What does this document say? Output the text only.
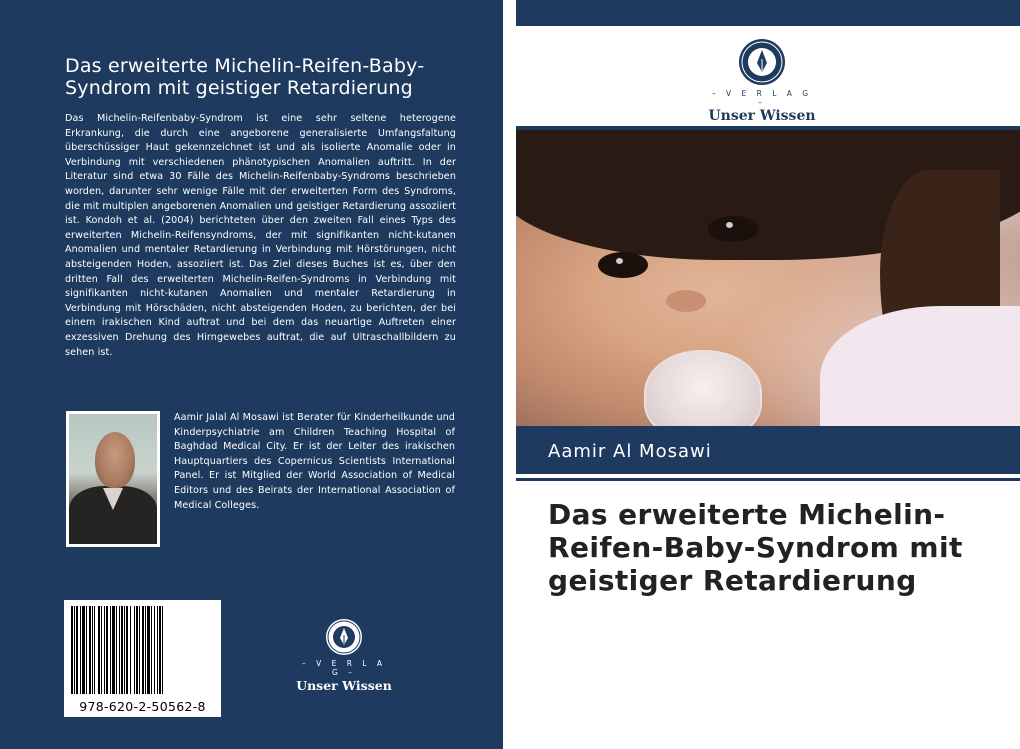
Das erweiterte Michelin-Reifen-Baby-Syndrom mit geistiger Retardierung

Das Michelin-Reifenbaby-Syndrom ist eine sehr seltene heterogene Erkrankung, die durch eine angeborene generalisierte Umfangsfaltung überschüssiger Haut gekennzeichnet ist und als isolierte Anomalie oder in Verbindung mit verschiedenen phänotypischen Anomalien auftritt. In der Literatur sind etwa 30 Fälle des Michelin-Reifenbaby-Syndroms beschrieben worden, darunter sehr wenige Fälle mit der erweiterten Form des Syndroms, die mit multiplen angeborenen Anomalien und geistiger Retardierung assoziiert ist. Kondoh et al. (2004) berichteten über den zweiten Fall eines Typs des erweiterten Michelin-Reifensyndroms, der mit signifikanten nicht-kutanen Anomalien und mentaler Retardierung in Verbindung mit Hörstörungen, nicht absteigenden Hoden, assoziiert ist. Das Ziel dieses Buches ist es, über den dritten Fall des erweiterten Michelin-Reifen-Syndroms in Verbindung mit signifikanten nicht-kutanen Anomalien und mentaler Retardierung in Verbindung mit Hörschäden, nicht absteigenden Hoden, zu berichten, der bei einem irakischen Kind auftrat und bei dem das neuartige Auftreten einer exzessiven Drehung des Hirngewebes auftrat, die auf Ultraschallbildern zu sehen ist.

Aamir Jalal Al Mosawi ist Berater für Kinderheilkunde und Kinderpsychiatrie am Children Teaching Hospital of Baghdad Medical City. Er ist der Leiter des irakischen Hauptquartiers des Copernicus Scientists International Panel. Er ist Mitglied der World Association of Medical Editors und des Beirats der International Association of Medical Colleges.

978-620-2-50562-8
– V E R L A G –
Unser Wissen
– V E R L A G –
Unser Wissen
Aamir Al Mosawi
Das erweiterte Michelin-Reifen-Baby-Syndrom mit geistiger Retardierung
